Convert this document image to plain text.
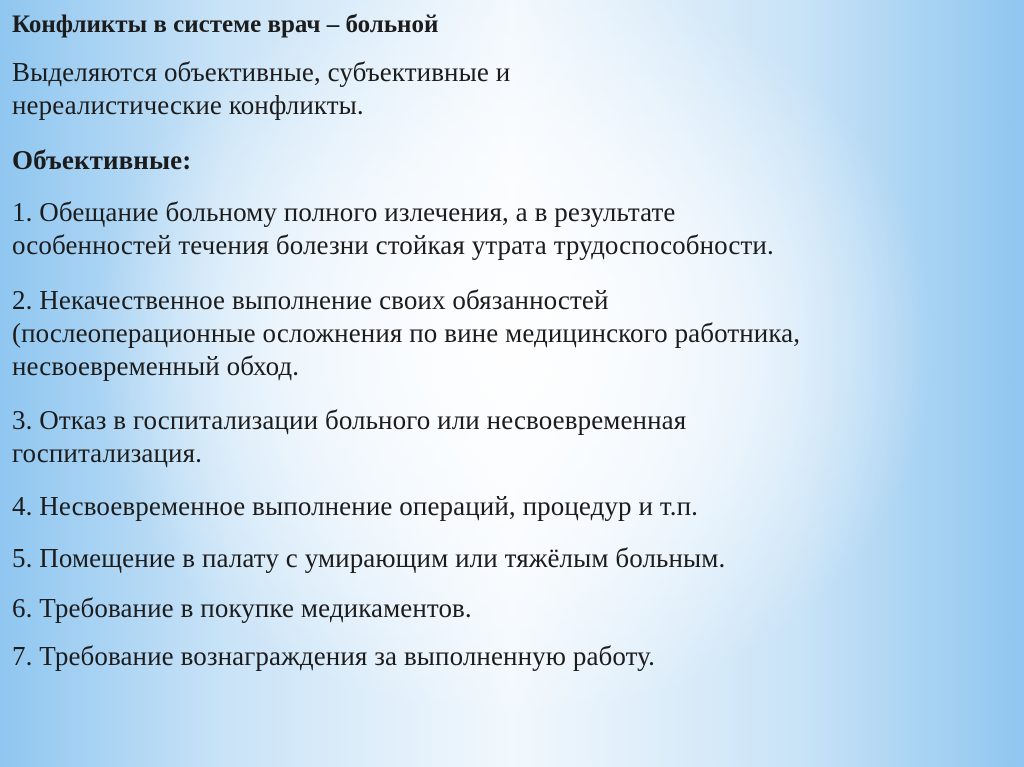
Конфликты в системе врач – больной

Выделяются объективные, субъективные и
нереалистические конфликты.

Объективные:

1. Обещание больному полного излечения, а в результате
особенностей течения болезни стойкая утрата трудоспособности.

2. Некачественное выполнение своих обязанностей
(послеоперационные осложнения по вине медицинского работника,
несвоевременный обход.

3. Отказ в госпитализации больного или несвоевременная
госпитализация.

4. Несвоевременное выполнение операций, процедур и т.п.

5. Помещение в палату с умирающим или тяжёлым больным.

6. Требование в покупке медикаментов.

7. Требование вознаграждения за выполненную работу.
